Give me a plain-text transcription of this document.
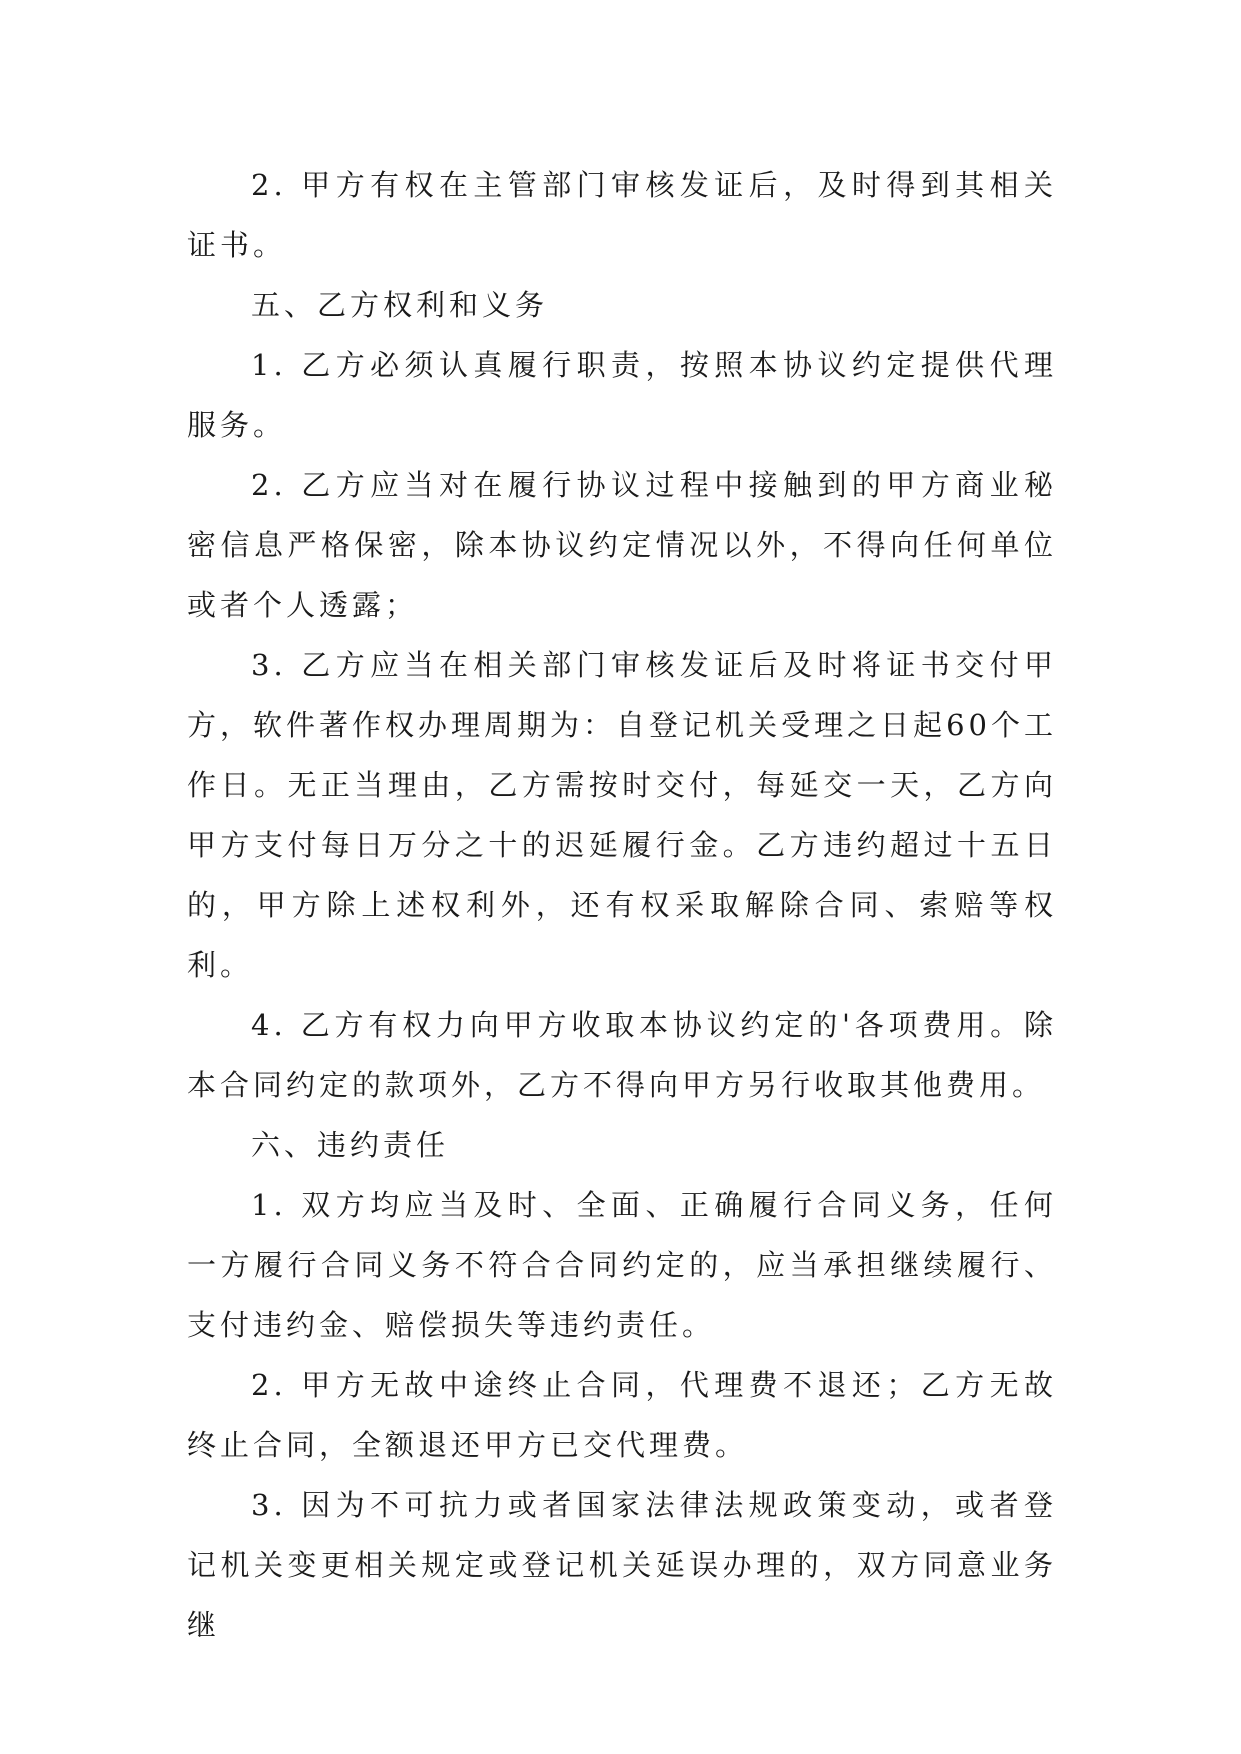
2. 甲方有权在主管部门审核发证后，及时得到其相关证书。

五、乙方权利和义务

1. 乙方必须认真履行职责，按照本协议约定提供代理服务。

2. 乙方应当对在履行协议过程中接触到的甲方商业秘密信息严格保密，除本协议约定情况以外，不得向任何单位或者个人透露；

3. 乙方应当在相关部门审核发证后及时将证书交付甲方，软件著作权办理周期为：自登记机关受理之日起60个工作日。无正当理由，乙方需按时交付，每延交一天，乙方向甲方支付每日万分之十的迟延履行金。乙方违约超过十五日的，甲方除上述权利外，还有权采取解除合同、索赔等权利。

4. 乙方有权力向甲方收取本协议约定的'各项费用。除本合同约定的款项外，乙方不得向甲方另行收取其他费用。

六、违约责任

1. 双方均应当及时、全面、正确履行合同义务，任何一方履行合同义务不符合合同约定的，应当承担继续履行、支付违约金、赔偿损失等违约责任。

2. 甲方无故中途终止合同，代理费不退还；乙方无故终止合同，全额退还甲方已交代理费。

3. 因为不可抗力或者国家法律法规政策变动，或者登记机关变更相关规定或登记机关延误办理的，双方同意业务继
